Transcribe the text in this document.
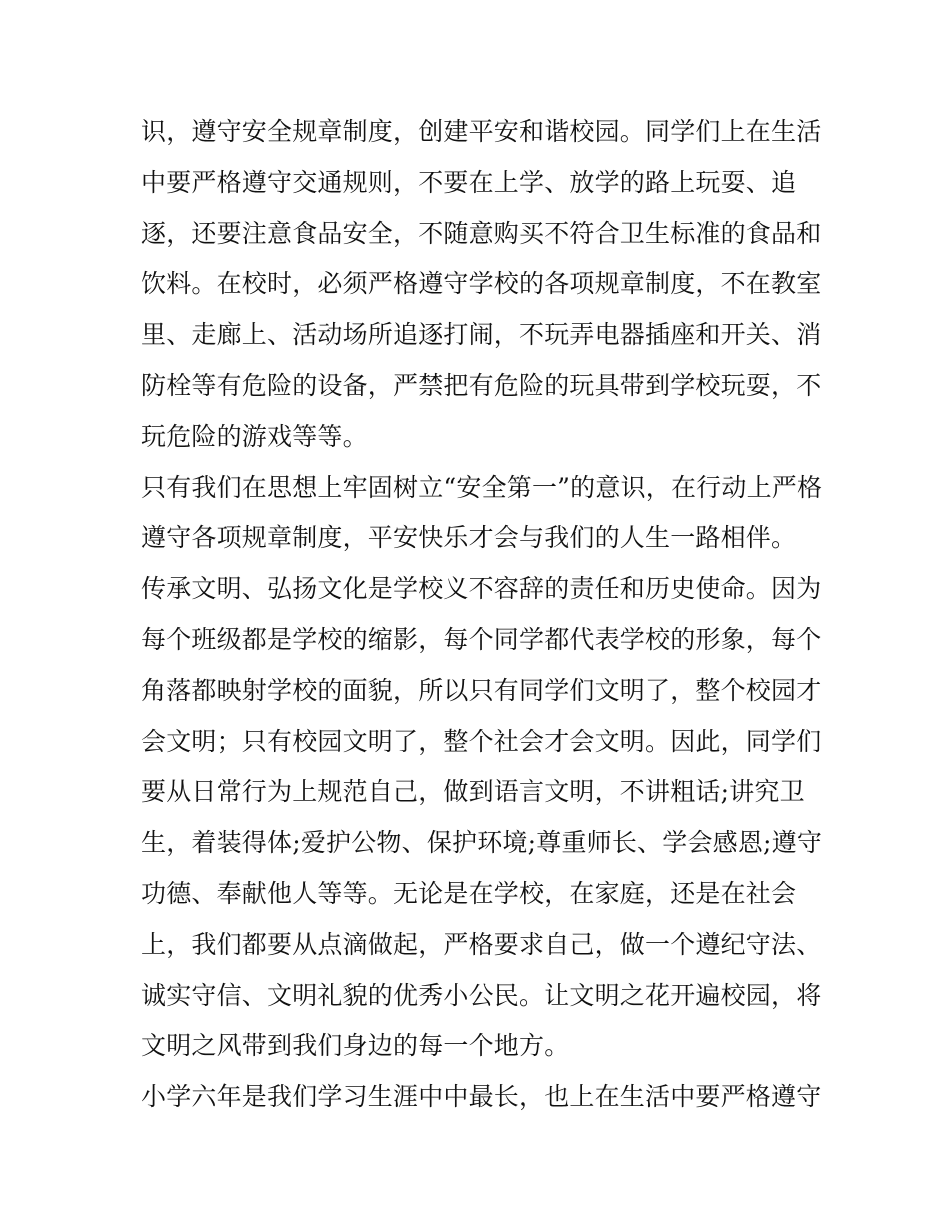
识，遵守安全规章制度，创建平安和谐校园。同学们上在生活
中要严格遵守交通规则，不要在上学、放学的路上玩耍、追
逐，还要注意食品安全，不随意购买不符合卫生标准的食品和
饮料。在校时，必须严格遵守学校的各项规章制度，不在教室
里、走廊上、活动场所追逐打闹，不玩弄电器插座和开关、消
防栓等有危险的设备，严禁把有危险的玩具带到学校玩耍，不
玩危险的游戏等等。
只有我们在思想上牢固树立“安全第一”的意识，在行动上严格
遵守各项规章制度，平安快乐才会与我们的人生一路相伴。
传承文明、弘扬文化是学校义不容辞的责任和历史使命。因为
每个班级都是学校的缩影，每个同学都代表学校的形象，每个
角落都映射学校的面貌，所以只有同学们文明了，整个校园才
会文明；只有校园文明了，整个社会才会文明。因此，同学们
要从日常行为上规范自己，做到语言文明，不讲粗话;讲究卫
生，着装得体;爱护公物、保护环境;尊重师长、学会感恩;遵守
功德、奉献他人等等。无论是在学校，在家庭，还是在社会
上，我们都要从点滴做起，严格要求自己，做一个遵纪守法、
诚实守信、文明礼貌的优秀小公民。让文明之花开遍校园，将
文明之风带到我们身边的每一个地方。
小学六年是我们学习生涯中中最长，也上在生活中要严格遵守
